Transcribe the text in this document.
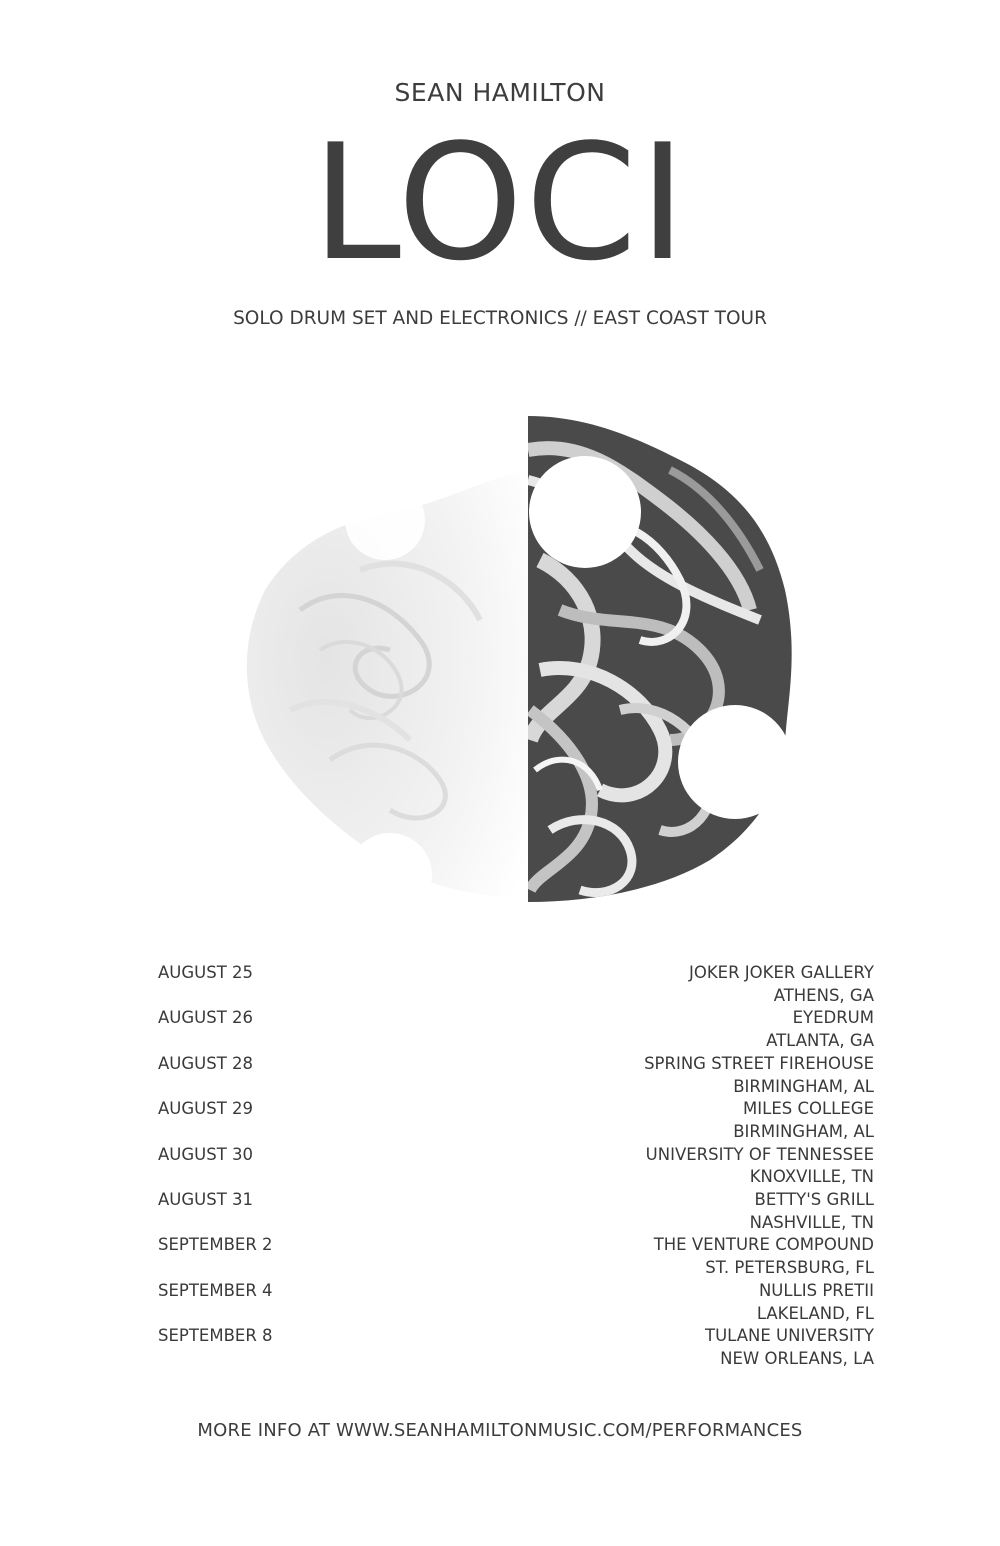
SEAN HAMILTON
LOCI
SOLO DRUM SET AND ELECTRONICS // EAST COAST TOUR
AUGUST 25	JOKER JOKER GALLERY
ATHENS, GA
AUGUST 26	EYEDRUM
ATLANTA, GA
AUGUST 28	SPRING STREET FIREHOUSE
BIRMINGHAM, AL
AUGUST 29	MILES COLLEGE
BIRMINGHAM, AL
AUGUST 30	UNIVERSITY OF TENNESSEE
KNOXVILLE, TN
AUGUST 31	BETTY'S GRILL
NASHVILLE, TN
SEPTEMBER 2	THE VENTURE COMPOUND
ST. PETERSBURG, FL
SEPTEMBER 4	NULLIS PRETII
LAKELAND, FL
SEPTEMBER 8	TULANE UNIVERSITY
NEW ORLEANS, LA
MORE INFO AT WWW.SEANHAMILTONMUSIC.COM/PERFORMANCES
